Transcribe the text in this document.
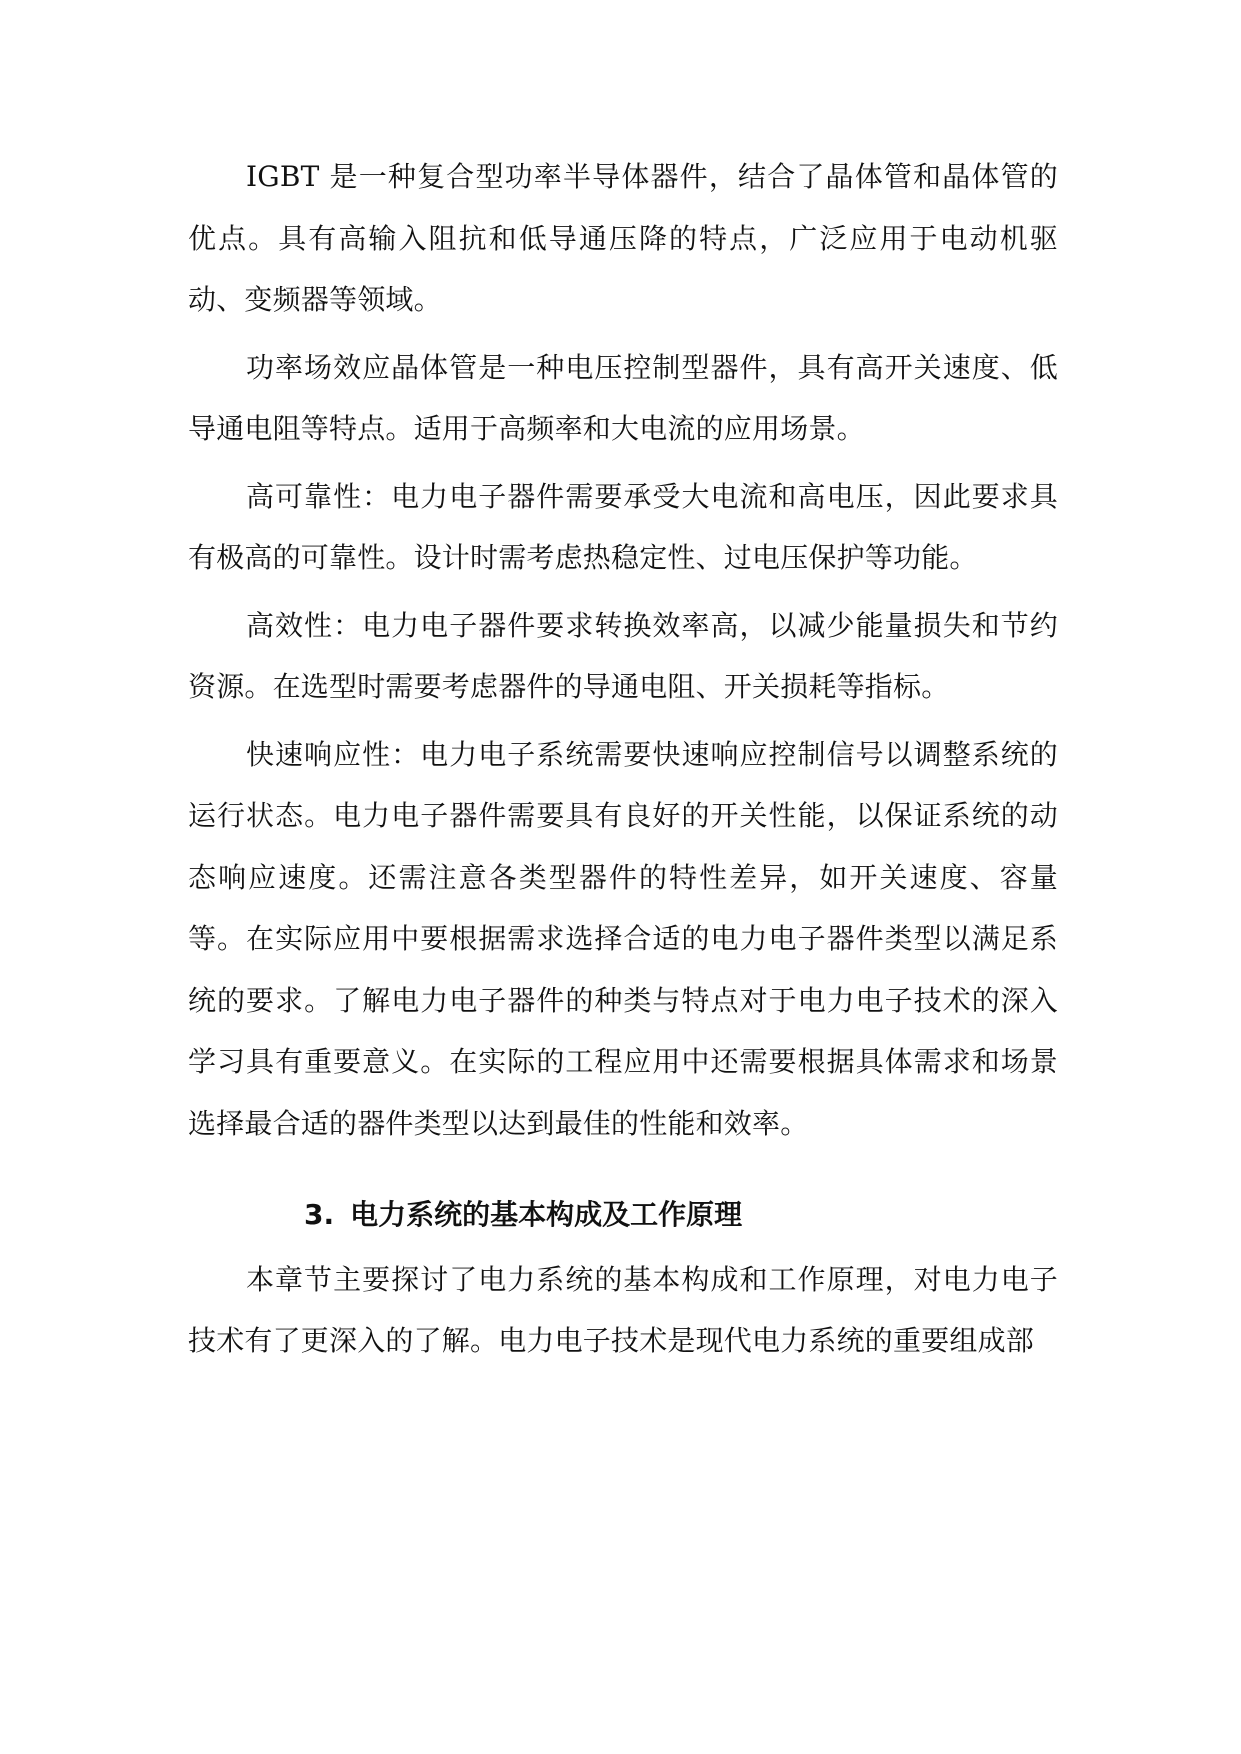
IGBT 是一种复合型功率半导体器件，结合了晶体管和晶体管的优点。具有高输入阻抗和低导通压降的特点，广泛应用于电动机驱动、变频器等领域。

功率场效应晶体管是一种电压控制型器件，具有高开关速度、低导通电阻等特点。适用于高频率和大电流的应用场景。

高可靠性：电力电子器件需要承受大电流和高电压，因此要求具有极高的可靠性。设计时需考虑热稳定性、过电压保护等功能。

高效性：电力电子器件要求转换效率高，以减少能量损失和节约资源。在选型时需要考虑器件的导通电阻、开关损耗等指标。

快速响应性：电力电子系统需要快速响应控制信号以调整系统的运行状态。电力电子器件需要具有良好的开关性能，以保证系统的动态响应速度。还需注意各类型器件的特性差异，如开关速度、容量等。在实际应用中要根据需求选择合适的电力电子器件类型以满足系统的要求。了解电力电子器件的种类与特点对于电力电子技术的深入学习具有重要意义。在实际的工程应用中还需要根据具体需求和场景选择最合适的器件类型以达到最佳的性能和效率。

3. 电力系统的基本构成及工作原理

本章节主要探讨了电力系统的基本构成和工作原理，对电力电子技术有了更深入的了解。电力电子技术是现代电力系统的重要组成部
